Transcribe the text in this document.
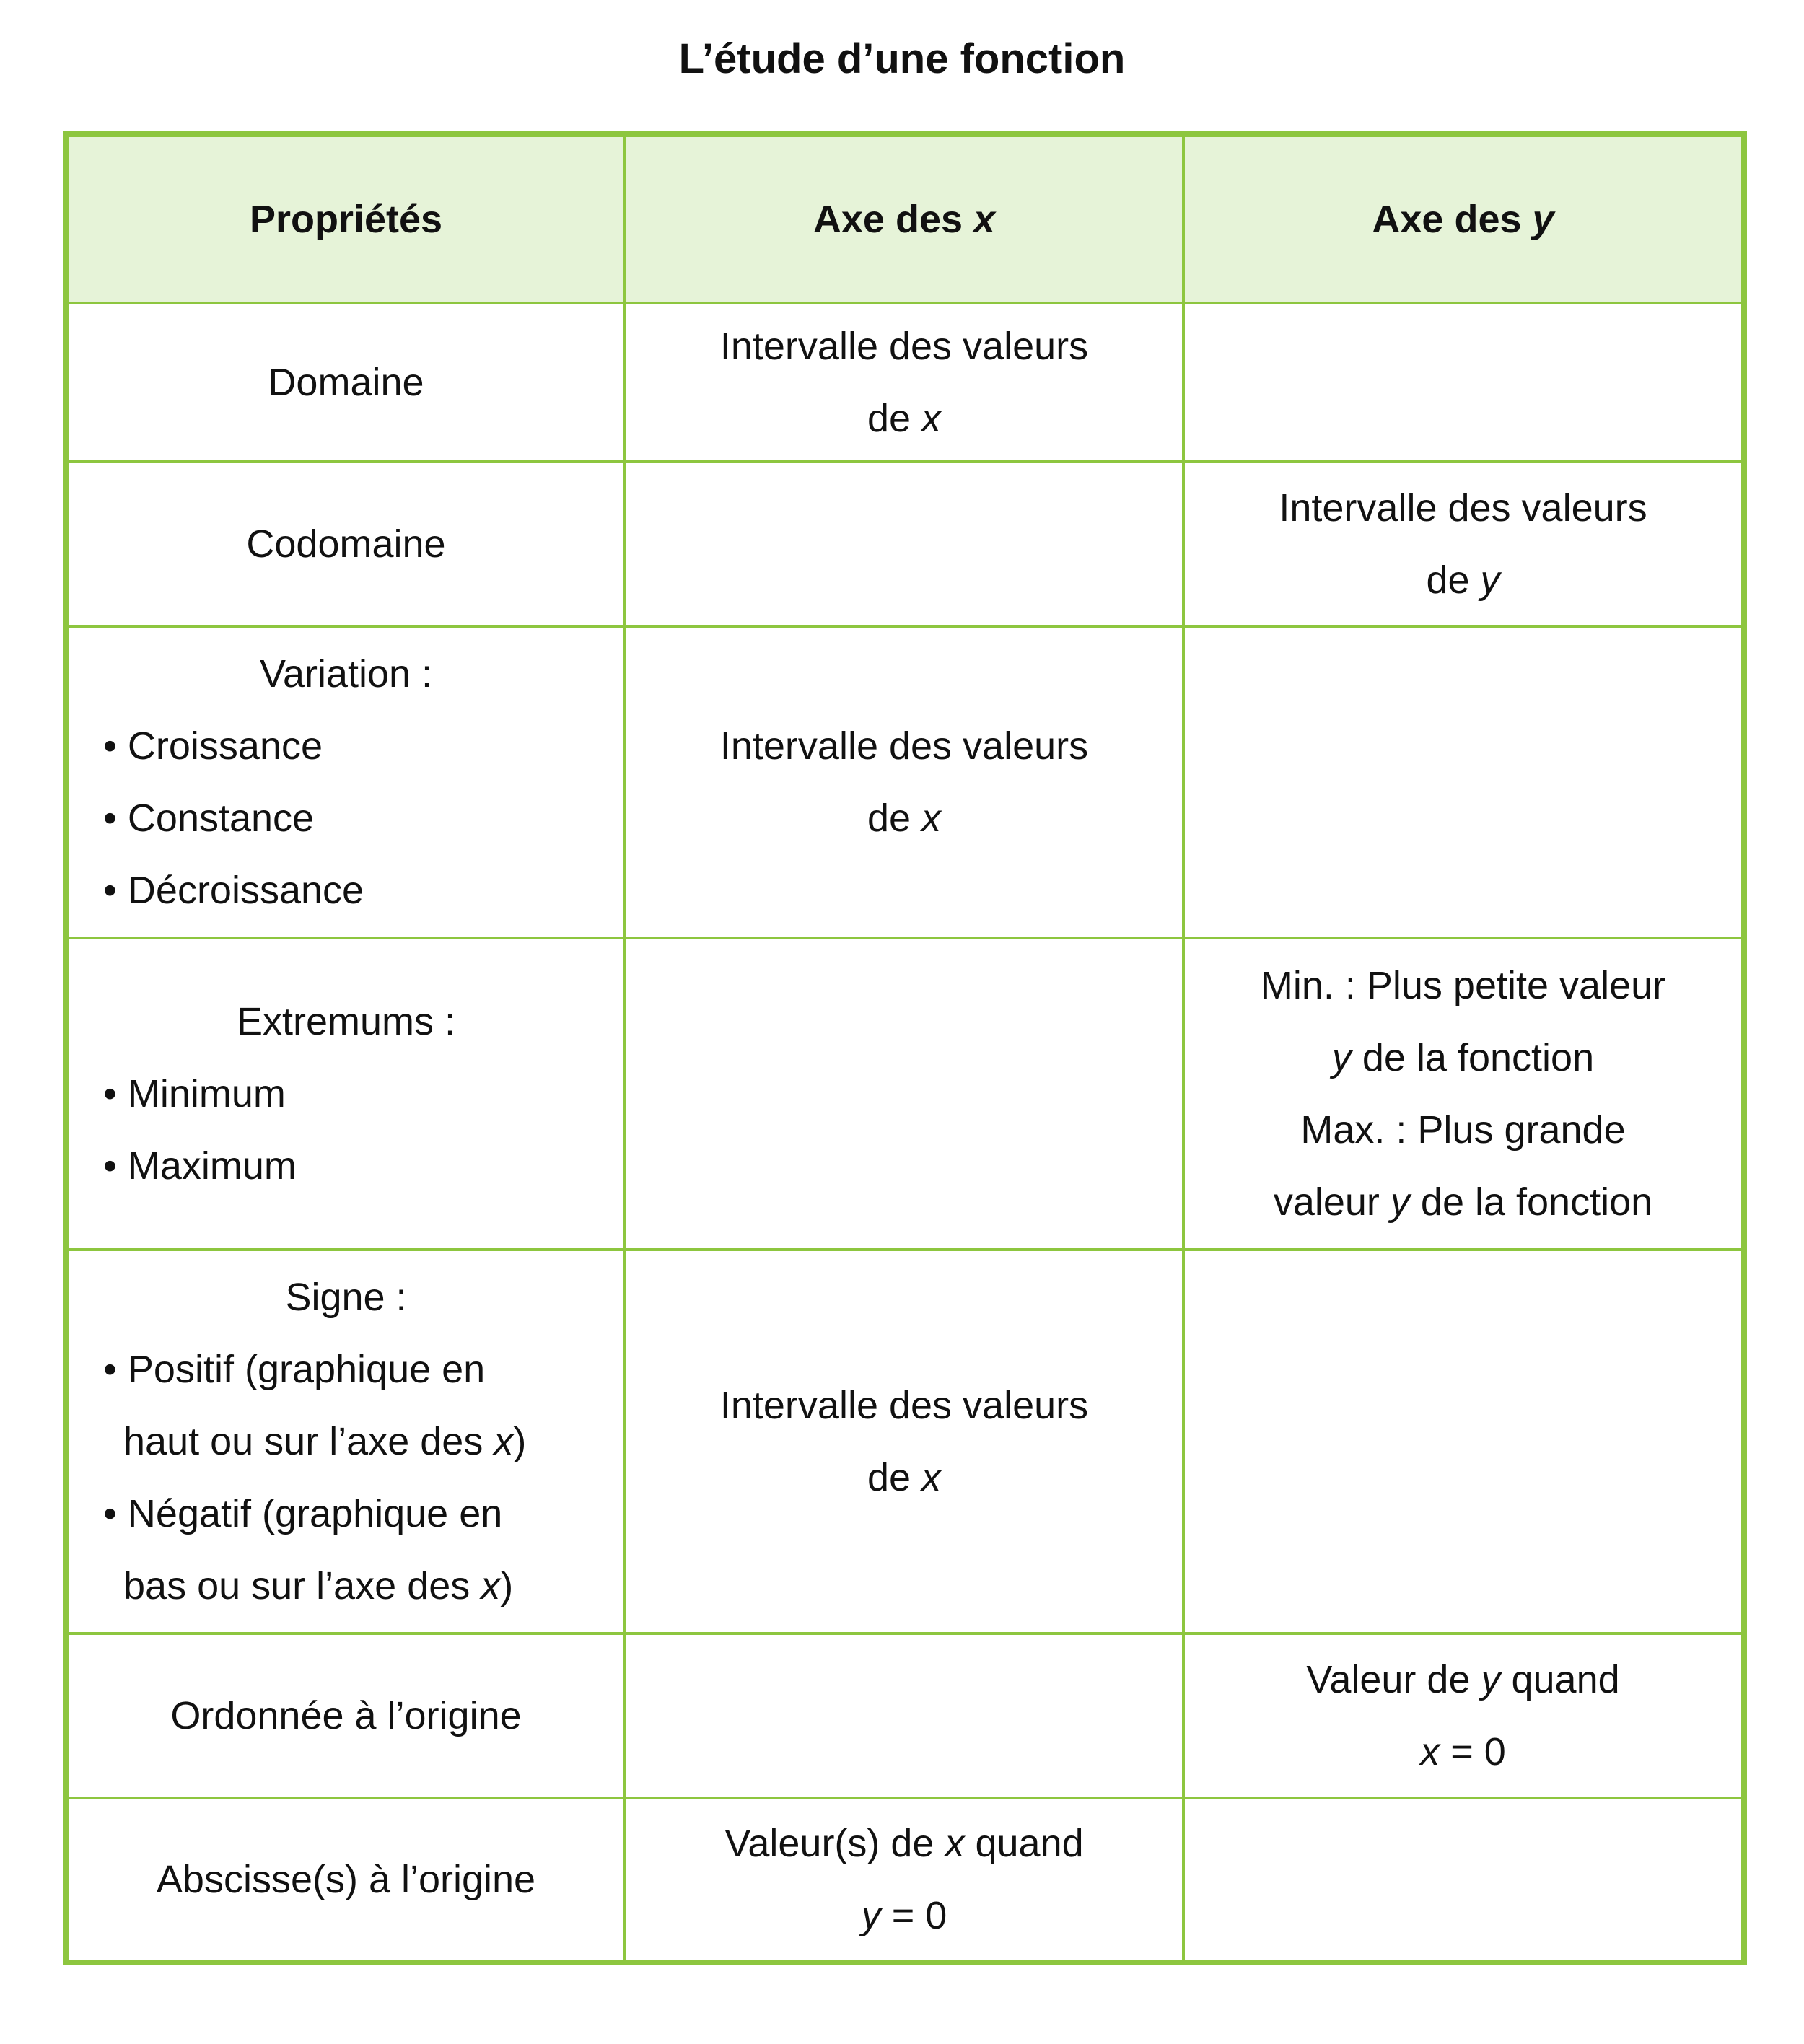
L’étude d’une fonction
Propriétés	Axe des x	Axe des y

Domaine	Intervalle des valeurs
de x	

Codomaine		Intervalle des valeurs
de y

Variation :
• Croissance
• Constance
• Décroissance	Intervalle des valeurs
de x	

Extremums :
• Minimum
• Maximum		Min. : Plus petite valeur
y de la fonction
Max. : Plus grande
valeur y de la fonction

Signe :
• Positif (graphique en
haut ou sur l’axe des x)
• Négatif (graphique en
bas ou sur l’axe des x)	Intervalle des valeurs
de x	

Ordonnée à l’origine		Valeur de y quand
x = 0

Abscisse(s) à l’origine	Valeur(s) de x quand
y = 0	
